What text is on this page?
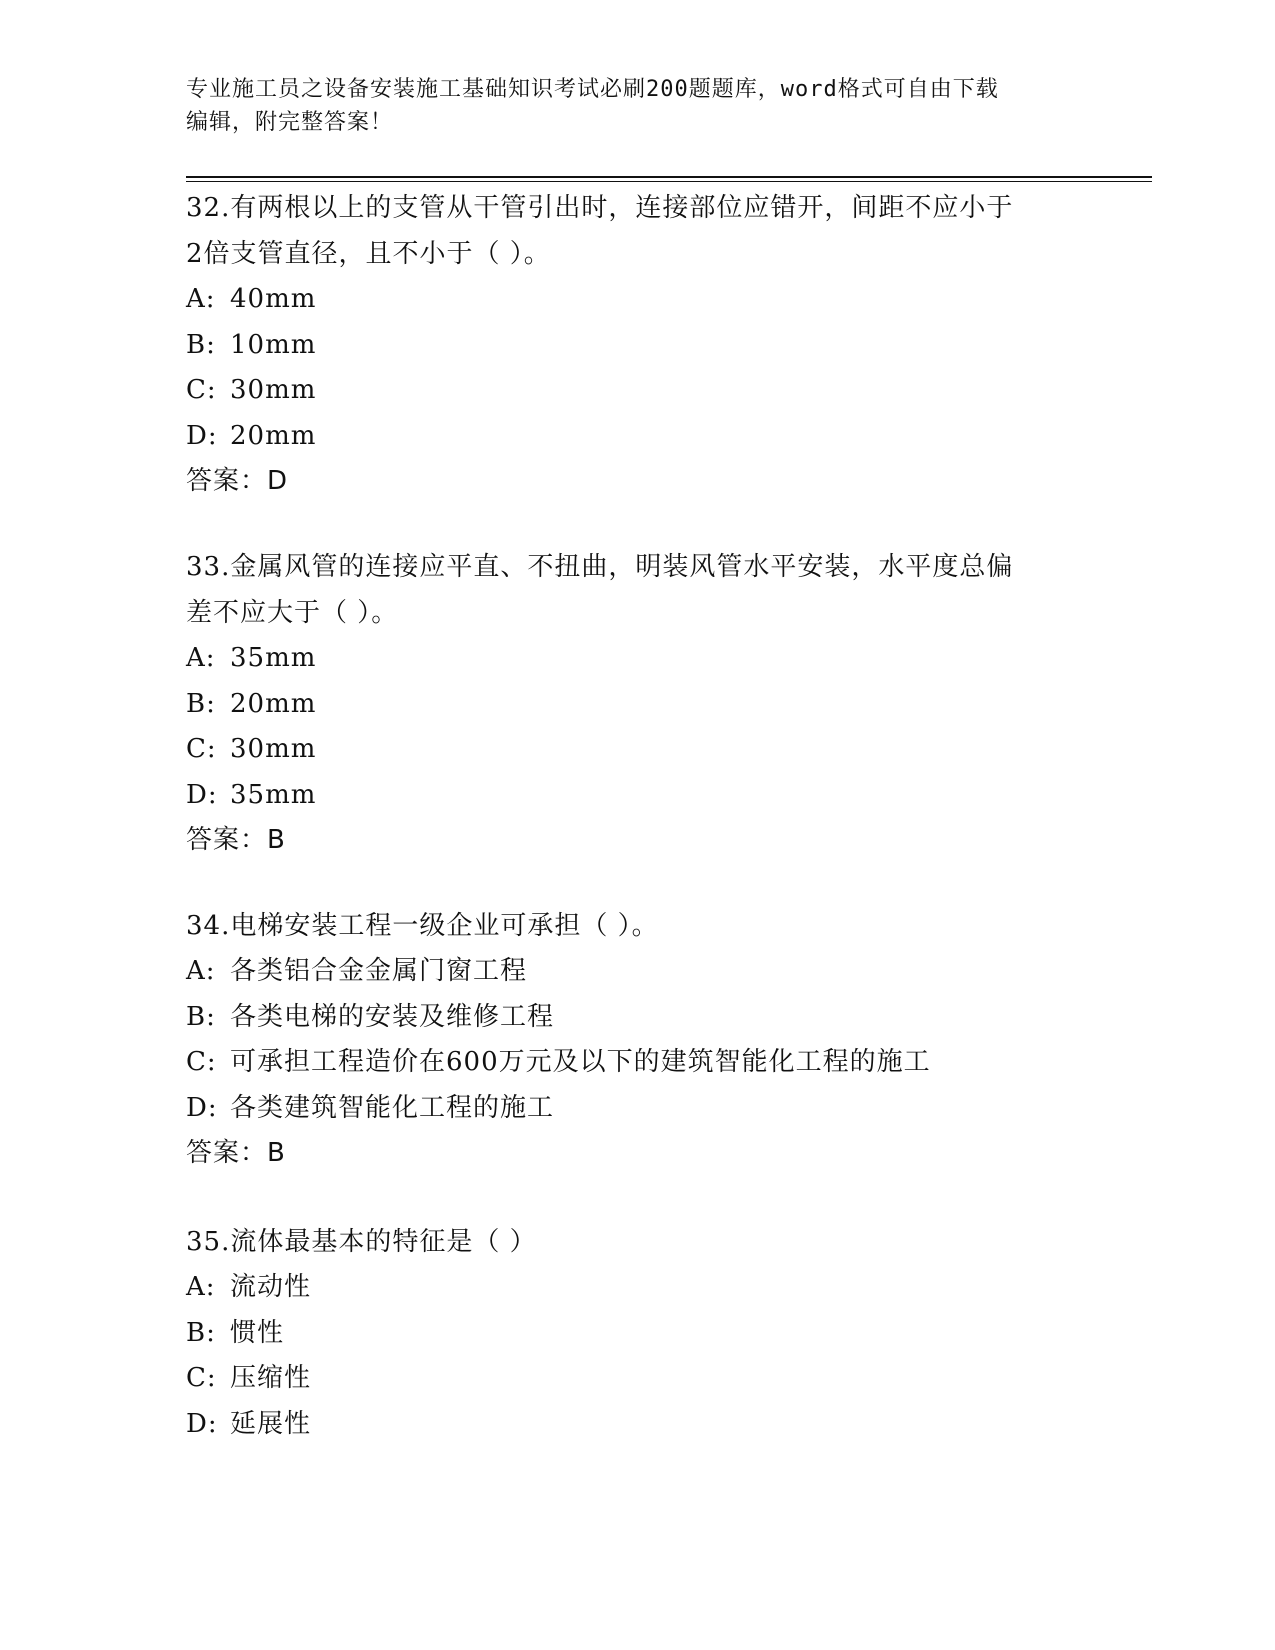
专业施工员之设备安装施工基础知识考试必刷200题题库，word格式可自由下载
编辑，附完整答案！
32.有两根以上的支管从干管引出时，连接部位应错开，间距不应小于
2倍支管直径，且不小于（ ）。
A: 40mm
B: 10mm
C: 30mm
D: 20mm
答案：D
33.金属风管的连接应平直、不扭曲，明装风管水平安装，水平度总偏
差不应大于（ ）。
A: 35mm
B: 20mm
C: 30mm
D: 35mm
答案：B
34.电梯安装工程一级企业可承担（ ）。
A: 各类铝合金金属门窗工程
B: 各类电梯的安装及维修工程
C: 可承担工程造价在600万元及以下的建筑智能化工程的施工
D: 各类建筑智能化工程的施工
答案：B
35.流体最基本的特征是（ ）
A: 流动性
B: 惯性
C: 压缩性
D: 延展性
